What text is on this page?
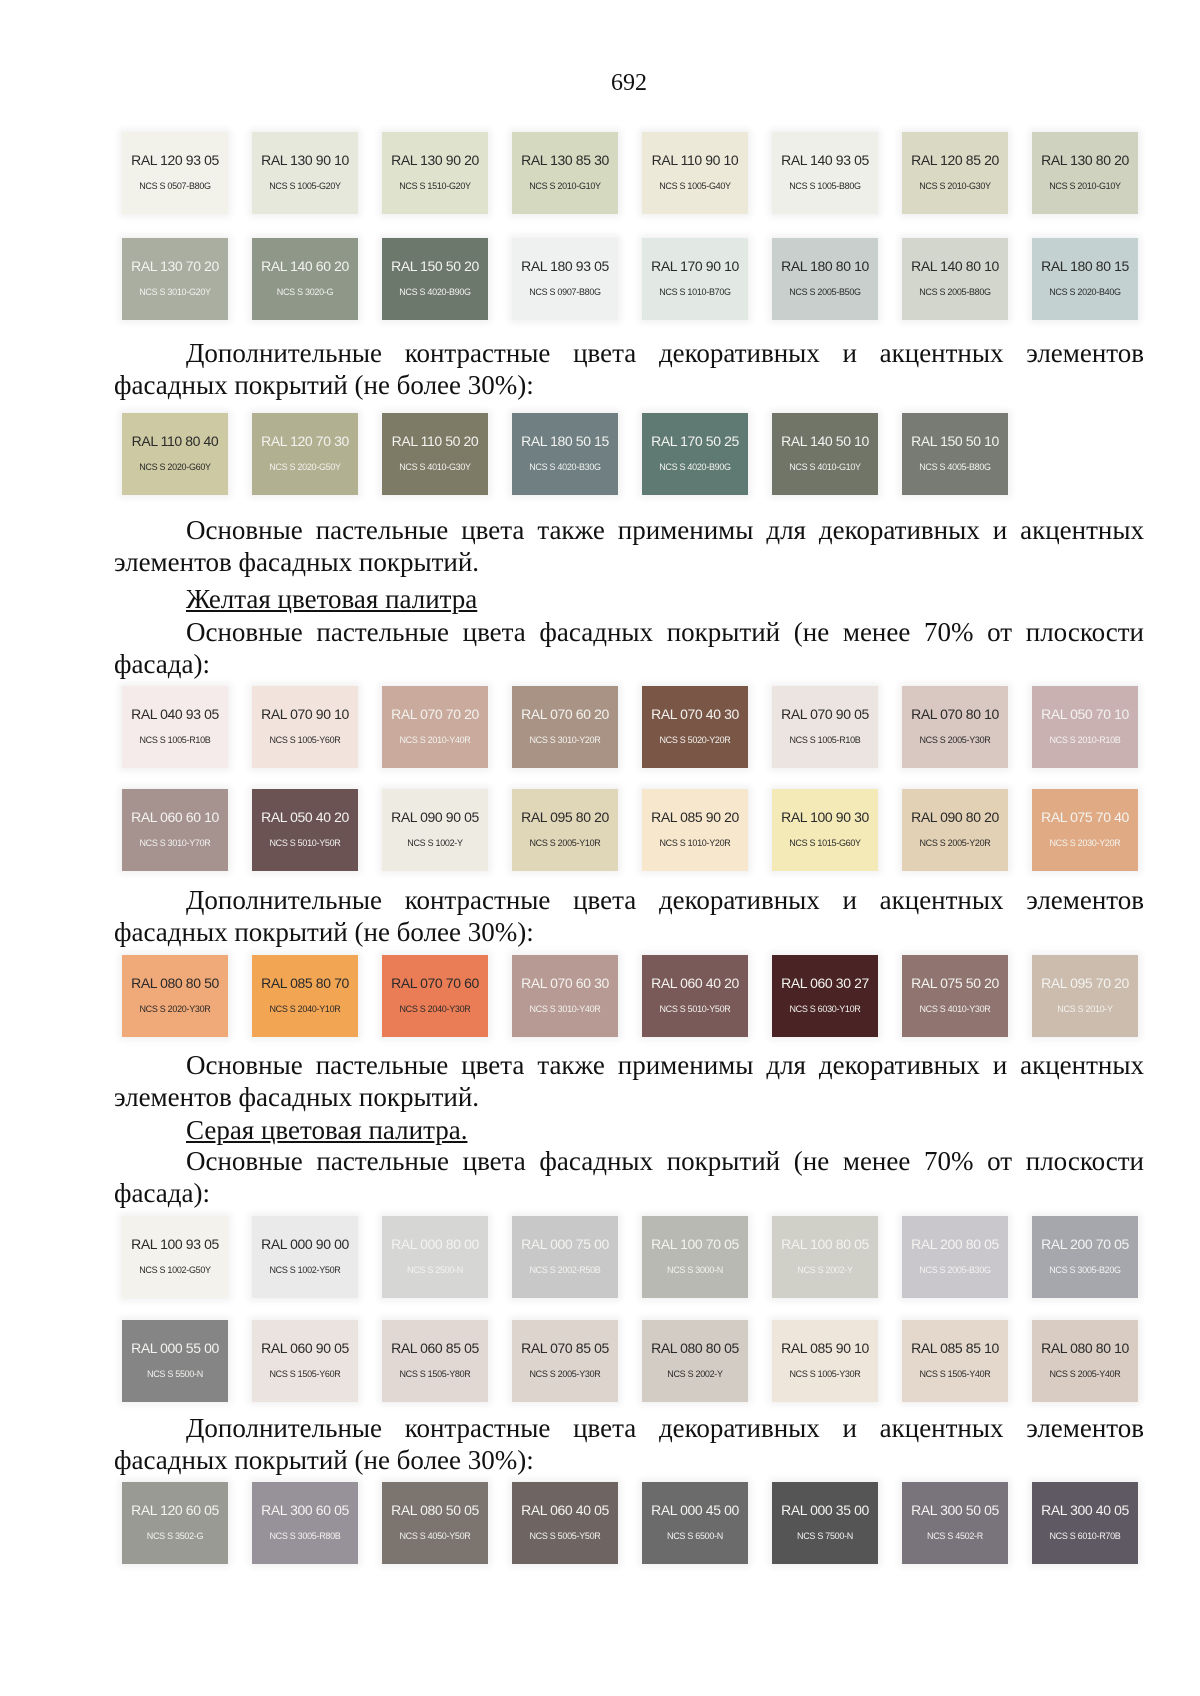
692
RAL 120 93 05
NCS S 0507-B80G
RAL 130 90 10
NCS S 1005-G20Y
RAL 130 90 20
NCS S 1510-G20Y
RAL 130 85 30
NCS S 2010-G10Y
RAL 110 90 10
NCS S 1005-G40Y
RAL 140 93 05
NCS S 1005-B80G
RAL 120 85 20
NCS S 2010-G30Y
RAL 130 80 20
NCS S 2010-G10Y
RAL 130 70 20
NCS S 3010-G20Y
RAL 140 60 20
NCS S 3020-G
RAL 150 50 20
NCS S 4020-B90G
RAL 180 93 05
NCS S 0907-B80G
RAL 170 90 10
NCS S 1010-B70G
RAL 180 80 10
NCS S 2005-B50G
RAL 140 80 10
NCS S 2005-B80G
RAL 180 80 15
NCS S 2020-B40G
RAL 110 80 40
NCS S 2020-G60Y
RAL 120 70 30
NCS S 2020-G50Y
RAL 110 50 20
NCS S 4010-G30Y
RAL 180 50 15
NCS S 4020-B30G
RAL 170 50 25
NCS S 4020-B90G
RAL 140 50 10
NCS S 4010-G10Y
RAL 150 50 10
NCS S 4005-B80G
RAL 040 93 05
NCS S 1005-R10B
RAL 070 90 10
NCS S 1005-Y60R
RAL 070 70 20
NCS S 2010-Y40R
RAL 070 60 20
NCS S 3010-Y20R
RAL 070 40 30
NCS S 5020-Y20R
RAL 070 90 05
NCS S 1005-R10B
RAL 070 80 10
NCS S 2005-Y30R
RAL 050 70 10
NCS S 2010-R10B
RAL 060 60 10
NCS S 3010-Y70R
RAL 050 40 20
NCS S 5010-Y50R
RAL 090 90 05
NCS S 1002-Y
RAL 095 80 20
NCS S 2005-Y10R
RAL 085 90 20
NCS S 1010-Y20R
RAL 100 90 30
NCS S 1015-G60Y
RAL 090 80 20
NCS S 2005-Y20R
RAL 075 70 40
NCS S 2030-Y20R
RAL 080 80 50
NCS S 2020-Y30R
RAL 085 80 70
NCS S 2040-Y10R
RAL 070 70 60
NCS S 2040-Y30R
RAL 070 60 30
NCS S 3010-Y40R
RAL 060 40 20
NCS S 5010-Y50R
RAL 060 30 27
NCS S 6030-Y10R
RAL 075 50 20
NCS S 4010-Y30R
RAL 095 70 20
NCS S 2010-Y
RAL 100 93 05
NCS S 1002-G50Y
RAL 000 90 00
NCS S 1002-Y50R
RAL 000 80 00
NCS S 2500-N
RAL 000 75 00
NCS S 2002-R50B
RAL 100 70 05
NCS S 3000-N
RAL 100 80 05
NCS S 2002-Y
RAL 200 80 05
NCS S 2005-B30G
RAL 200 70 05
NCS S 3005-B20G
RAL 000 55 00
NCS S 5500-N
RAL 060 90 05
NCS S 1505-Y60R
RAL 060 85 05
NCS S 1505-Y80R
RAL 070 85 05
NCS S 2005-Y30R
RAL 080 80 05
NCS S 2002-Y
RAL 085 90 10
NCS S 1005-Y30R
RAL 085 85 10
NCS S 1505-Y40R
RAL 080 80 10
NCS S 2005-Y40R
RAL 120 60 05
NCS S 3502-G
RAL 300 60 05
NCS S 3005-R80B
RAL 080 50 05
NCS S 4050-Y50R
RAL 060 40 05
NCS S 5005-Y50R
RAL 000 45 00
NCS S 6500-N
RAL 000 35 00
NCS S 7500-N
RAL 300 50 05
NCS S 4502-R
RAL 300 40 05
NCS S 6010-R70B

Дополнительные контрастные цвета декоративных и акцентных элементов
фасадных покрытий (не более 30%):

Основные пастельные цвета также применимы для декоративных и акцентных
элементов фасадных покрытий.

Основные пастельные цвета фасадных покрытий (не менее 70% от плоскости
фасада):

Дополнительные контрастные цвета декоративных и акцентных элементов
фасадных покрытий (не более 30%):

Основные пастельные цвета также применимы для декоративных и акцентных
элементов фасадных покрытий.

Основные пастельные цвета фасадных покрытий (не менее 70% от плоскости
фасада):

Дополнительные контрастные цвета декоративных и акцентных элементов
фасадных покрытий (не более 30%):

Желтая цветовая палитра

Серая цветовая палитра.
